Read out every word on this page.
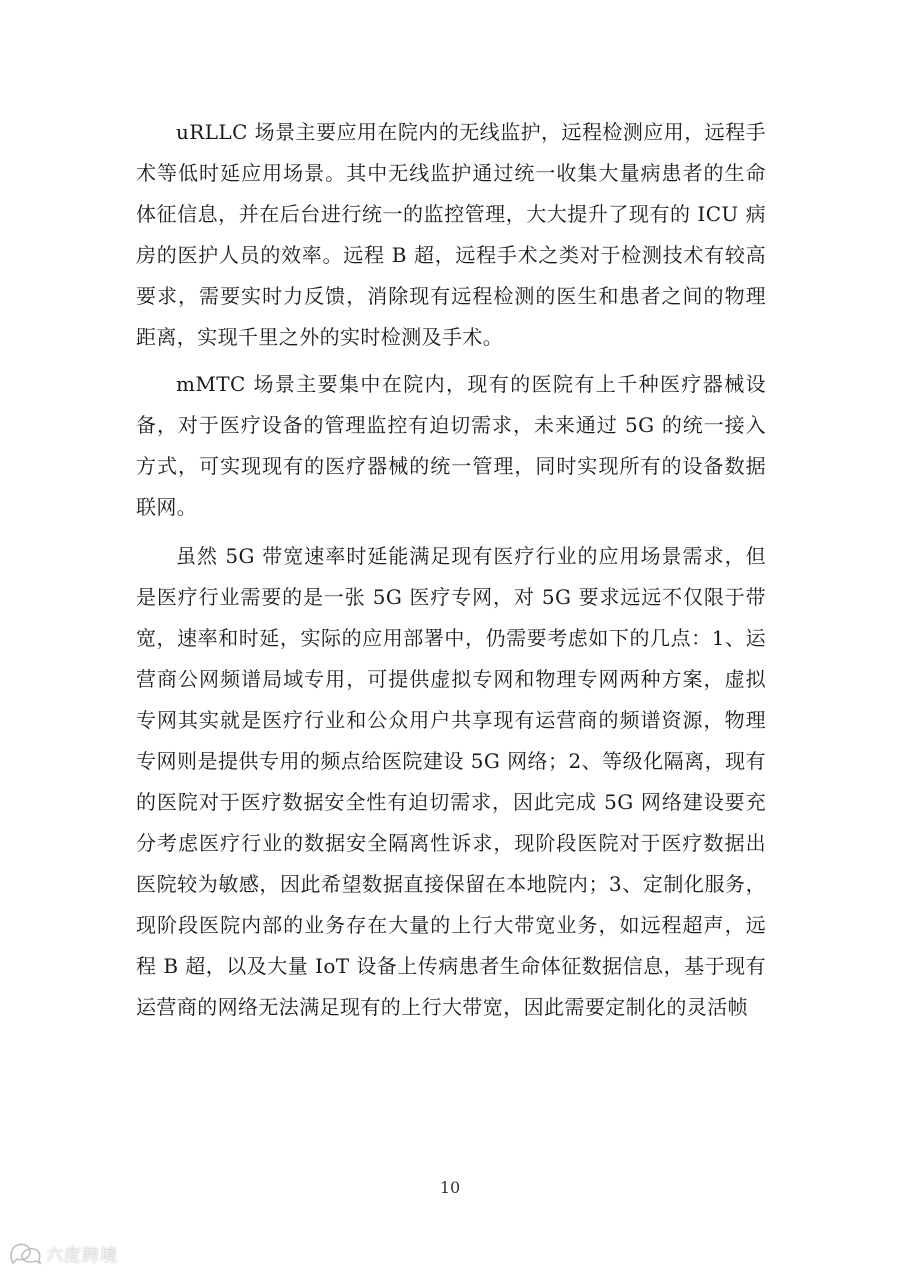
uRLLC 场景主要应用在院内的无线监护，远程检测应用，远程手术等低时延应用场景。其中无线监护通过统一收集大量病患者的生命体征信息，并在后台进行统一的监控管理，大大提升了现有的 ICU 病房的医护人员的效率。远程 B 超，远程手术之类对于检测技术有较高要求，需要实时力反馈，消除现有远程检测的医生和患者之间的物理距离，实现千里之外的实时检测及手术。

mMTC 场景主要集中在院内，现有的医院有上千种医疗器械设备，对于医疗设备的管理监控有迫切需求，未来通过 5G 的统一接入方式，可实现现有的医疗器械的统一管理，同时实现所有的设备数据联网。

虽然 5G 带宽速率时延能满足现有医疗行业的应用场景需求，但是医疗行业需要的是一张 5G 医疗专网，对 5G 要求远远不仅限于带宽，速率和时延，实际的应用部署中，仍需要考虑如下的几点：1、运营商公网频谱局域专用，可提供虚拟专网和物理专网两种方案，虚拟专网其实就是医疗行业和公众用户共享现有运营商的频谱资源，物理专网则是提供专用的频点给医院建设 5G 网络；2、等级化隔离，现有的医院对于医疗数据安全性有迫切需求，因此完成 5G 网络建设要充分考虑医疗行业的数据安全隔离性诉求，现阶段医院对于医疗数据出医院较为敏感，因此希望数据直接保留在本地院内；3、定制化服务，现阶段医院内部的业务存在大量的上行大带宽业务，如远程超声，远程 B 超，以及大量 IoT 设备上传病患者生命体征数据信息，基于现有运营商的网络无法满足现有的上行大带宽，因此需要定制化的灵活帧

10
六度跨境
